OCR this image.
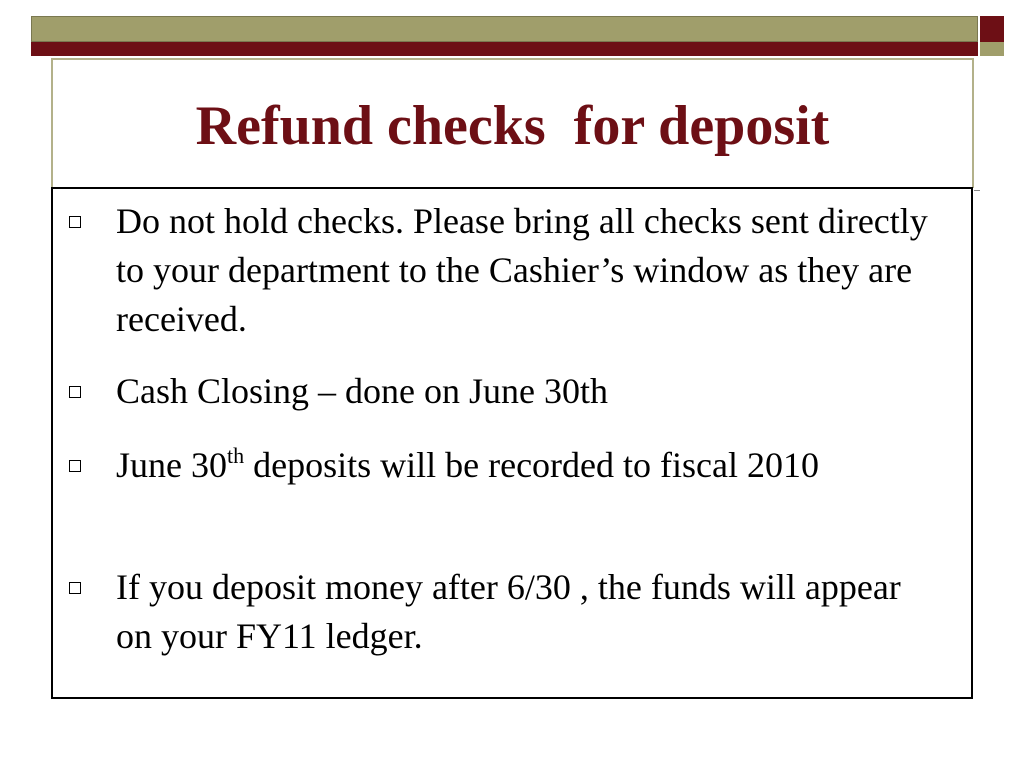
Refund checks  for deposit
Do not hold checks. Please bring all checks sent directly to your department to the Cashier’s window as they are received.
Cash Closing – done on June 30th
June 30th deposits will be recorded to fiscal 2010
If you deposit money after 6/30 , the funds will appear on your FY11 ledger.
